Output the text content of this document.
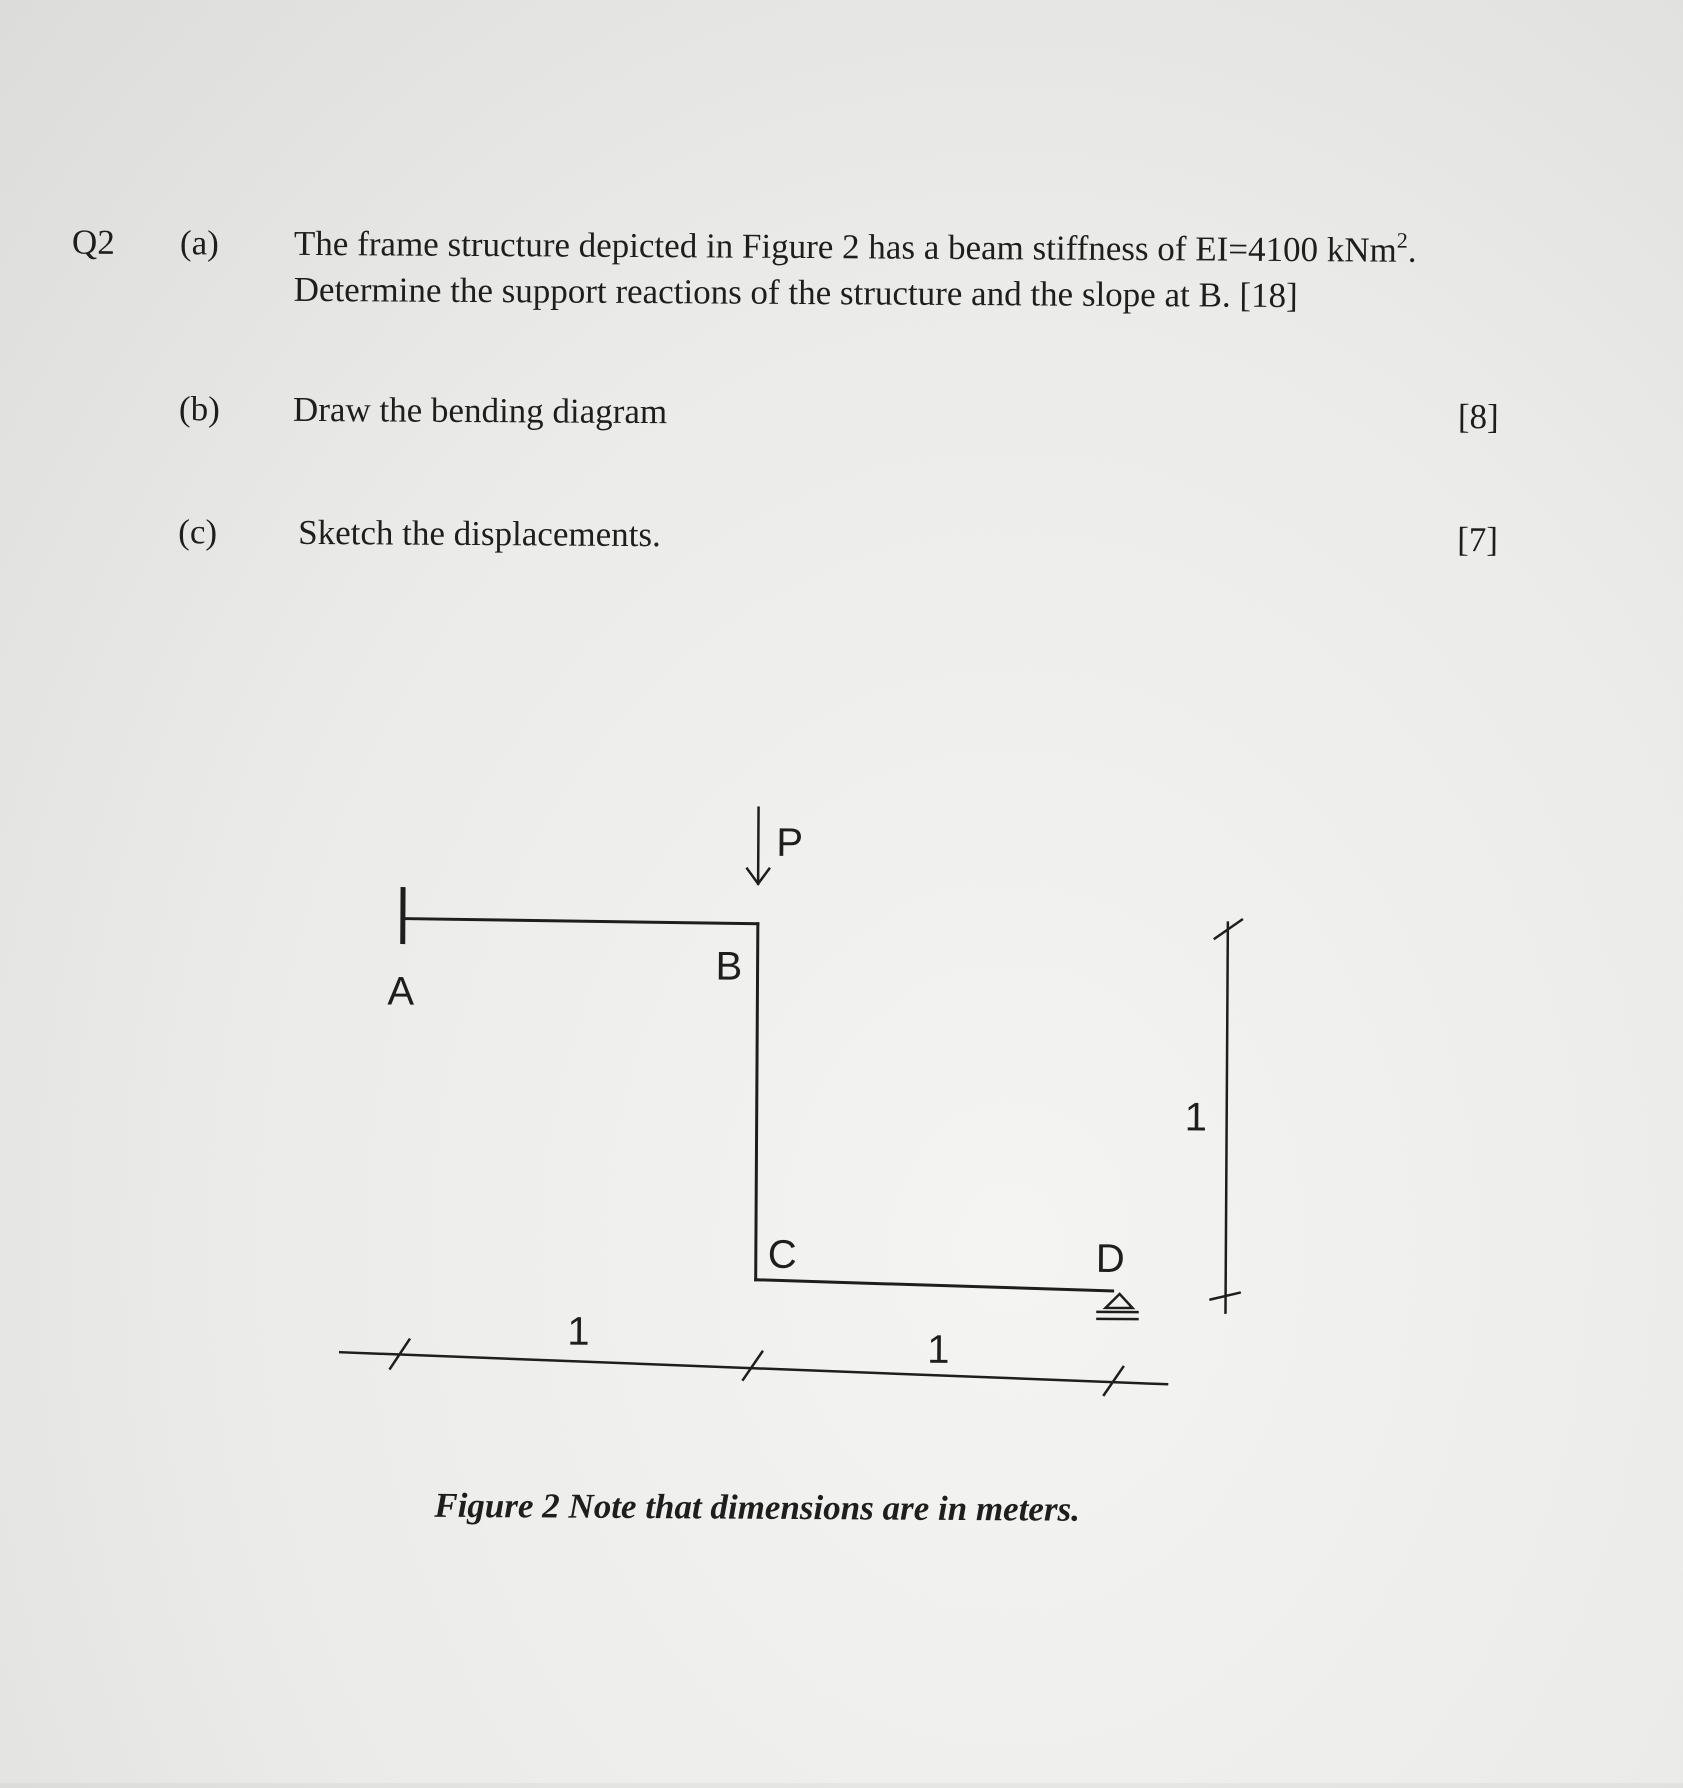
Q2 (a)	The frame structure depicted in Figure 2 has a beam stiffness of EI=4100 kNm$^2$.
Determine the support reactions of the structure and the slope at B. [18]
(b)	Draw the bending diagram	[8]
(c)	Sketch the displacements.	[7]
P
A
B
C	D
1	1
1
Figure 2 Note that dimensions are in meters.
